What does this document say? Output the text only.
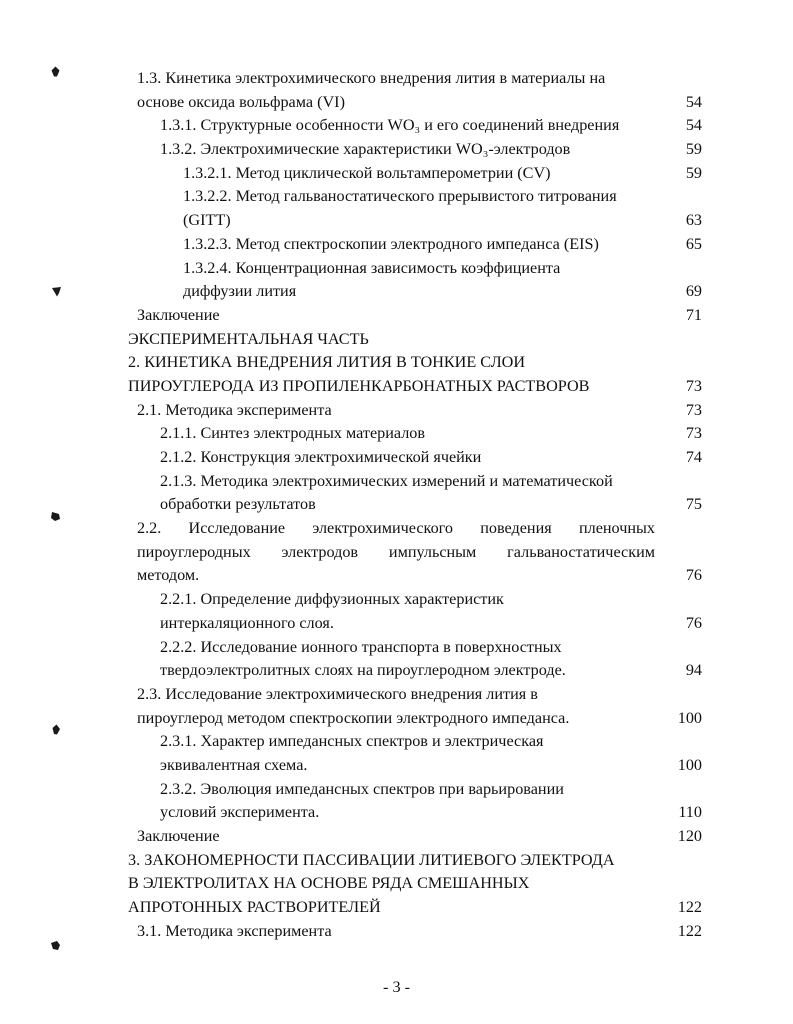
1.3. Кинетика электрохимического внедрения лития в материалы на
основе оксида вольфрама (VI)	54
1.3.1. Структурные особенности WO₃ и его соединений внедрения	54
1.3.2. Электрохимические характеристики WO₃-электродов	59
1.3.2.1. Метод циклической вольтамперометрии (CV)	59
1.3.2.2. Метод гальваностатического прерывистого титрования
(GITT)	63
1.3.2.3. Метод спектроскопии электродного импеданса (EIS)	65
1.3.2.4. Концентрационная зависимость коэффициента
диффузии лития	69
Заключение	71
ЭКСПЕРИМЕНТАЛЬНАЯ ЧАСТЬ
2. КИНЕТИКА ВНЕДРЕНИЯ ЛИТИЯ В ТОНКИЕ СЛОИ
ПИРОУГЛЕРОДА ИЗ ПРОПИЛЕНКАРБОНАТНЫХ РАСТВОРОВ	73
2.1. Методика эксперимента	73
2.1.1. Синтез электродных материалов	73
2.1.2. Конструкция электрохимической ячейки	74
2.1.3. Методика электрохимических измерений и математической
обработки результатов	75
2.2. Исследование электрохимического поведения пленочных
пироуглеродных электродов импульсным гальваностатическим
методом.	76
2.2.1. Определение диффузионных характеристик
интеркаляционного слоя.	76
2.2.2. Исследование ионного транспорта в поверхностных
твердоэлектролитных слоях на пироуглеродном электроде.	94
2.3. Исследование электрохимического внедрения лития в
пироуглерод методом спектроскопии электродного импеданса.	100
2.3.1. Характер импедансных спектров и электрическая
эквивалентная схема.	100
2.3.2. Эволюция импедансных спектров при варьировании
условий эксперимента.	110
Заключение	120
3. ЗАКОНОМЕРНОСТИ ПАССИВАЦИИ ЛИТИЕВОГО ЭЛЕКТРОДА
В ЭЛЕКТРОЛИТАХ НА ОСНОВЕ РЯДА СМЕШАННЫХ
АПРОТОННЫХ РАСТВОРИТЕЛЕЙ	122
3.1. Методика эксперимента	122
- 3 -
